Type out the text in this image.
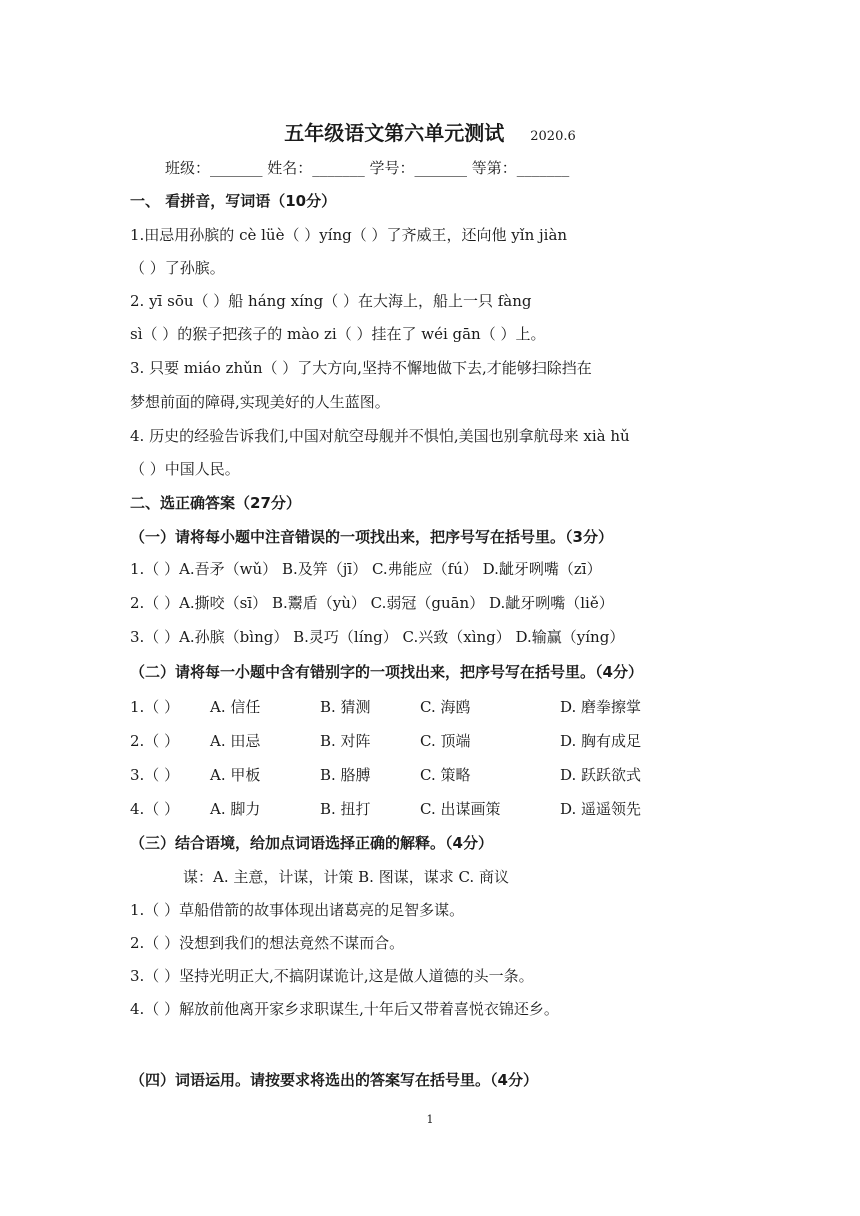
五年级语文第六单元测试 2020.6
班级：_______ 姓名：_______ 学号：_______ 等第：_______
一、 看拼音，写词语（10分）
1.田忌用孙膑的 cè lüè（ ）yíng（ ）了齐威王，还向他 yǐn jiàn
（ ）了孙膑。
2. yī sōu（ ）船 háng xíng（ ）在大海上，船上一只 fàng
sì（ ）的猴子把孩子的 mào zi（ ）挂在了 wéi gān（ ）上。
3. 只要 miáo zhǔn（ ）了大方向,坚持不懈地做下去,才能够扫除挡在
梦想前面的障碍,实现美好的人生蓝图。
4. 历史的经验告诉我们,中国对航空母舰并不惧怕,美国也别拿航母来 xià hǔ
（ ）中国人民。
二、选正确答案（27分）
（一）请将每小题中注音错误的一项找出来，把序号写在括号里。（3分）
1.（ ）A.吾矛（wǔ） B.及笄（jī） C.弗能应（fú） D.龇牙咧嘴（zī）
2.（ ）A.撕咬（sī） B.鬻盾（yù） C.弱冠（guān） D.龇牙咧嘴（liě）
3.（ ）A.孙膑（bìng） B.灵巧（líng） C.兴致（xìng） D.输赢（yíng）
（二）请将每一小题中含有错别字的一项找出来，把序号写在括号里。（4分）
1.（ ） A. 信任	B. 猜测	C. 海鸥	D. 磨拳擦掌
2.（ ） A. 田忌	B. 对阵	C. 顶端	D. 胸有成足
3.（ ） A. 甲板	B. 胳膊	C. 策略	D. 跃跃欲式
4.（ ） A. 脚力	B. 扭打	C. 出谋画策	D. 遥遥领先
（三）结合语境，给加点词语选择正确的解释。（4分）
谋：A. 主意，计谋，计策 B. 图谋，谋求 C. 商议
1.（ ）草船借箭的故事体现出诸葛亮的足智多谋。
2.（ ）没想到我们的想法竟然不谋而合。
3.（ ）坚持光明正大,不搞阴谋诡计,这是做人道德的头一条。
4.（ ）解放前他离开家乡求职谋生,十年后又带着喜悦衣锦还乡。
（四）词语运用。请按要求将选出的答案写在括号里。（4分）
1
